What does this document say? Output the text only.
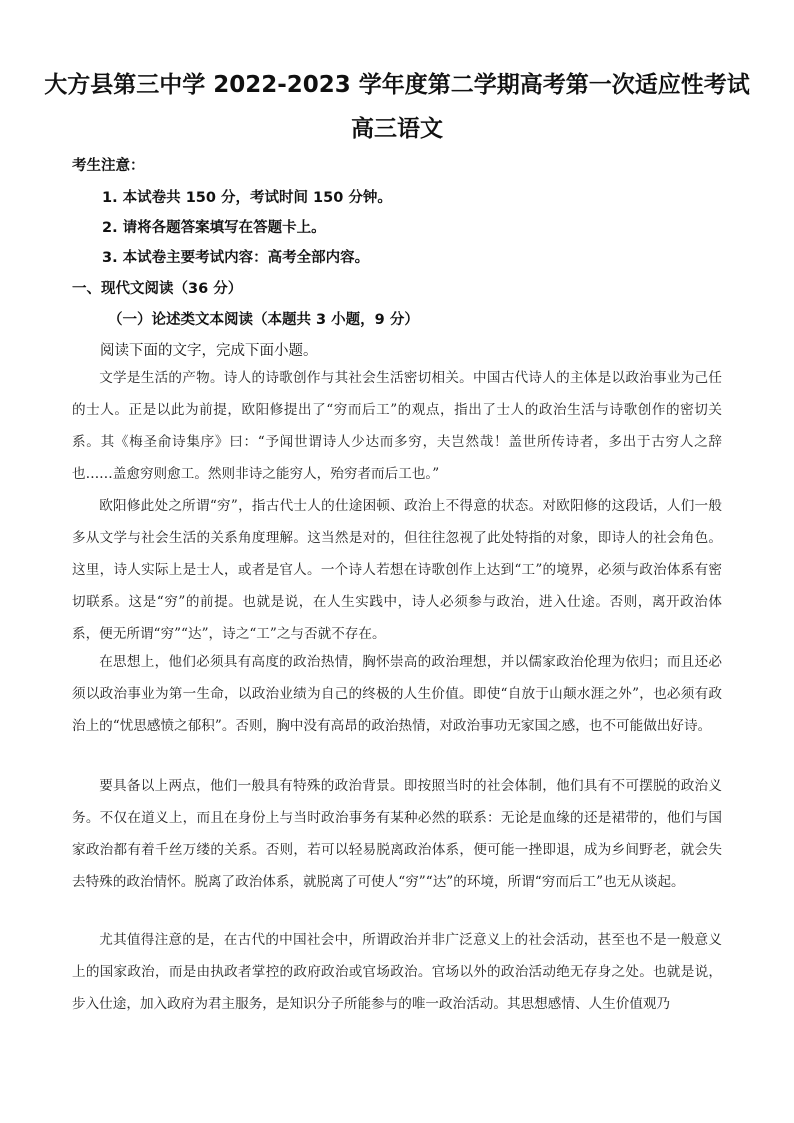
大方县第三中学 2022-2023 学年度第二学期高考第一次适应性考试
高三语文
考生注意：
1. 本试卷共 150 分，考试时间 150 分钟。
2. 请将各题答案填写在答题卡上。
3. 本试卷主要考试内容：高考全部内容。
一、现代文阅读（36 分）
（一）论述类文本阅读（本题共 3 小题，9 分）
阅读下面的文字，完成下面小题。

文学是生活的产物。诗人的诗歌创作与其社会生活密切相关。中国古代诗人的主体是以政治事业为己任的士人。正是以此为前提，欧阳修提出了“穷而后工”的观点，指出了士人的政治生活与诗歌创作的密切关系。其《梅圣俞诗集序》曰：“予闻世谓诗人少达而多穷，夫岂然哉！盖世所传诗者，多出于古穷人之辞也……盖愈穷则愈工。然则非诗之能穷人，殆穷者而后工也。”

欧阳修此处之所谓“穷”，指古代士人的仕途困顿、政治上不得意的状态。对欧阳修的这段话，人们一般多从文学与社会生活的关系角度理解。这当然是对的，但往往忽视了此处特指的对象，即诗人的社会角色。这里，诗人实际上是士人，或者是官人。一个诗人若想在诗歌创作上达到“工”的境界，必须与政治体系有密切联系。这是“穷”的前提。也就是说，在人生实践中，诗人必须参与政治，进入仕途。否则，离开政治体系，便无所谓“穷”“达”，诗之“工”之与否就不存在。

在思想上，他们必须具有高度的政治热情，胸怀崇高的政治理想，并以儒家政治伦理为依归；而且还必须以政治事业为第一生命，以政治业绩为自己的终极的人生价值。即使“自放于山颠水涯之外”，也必须有政治上的“忧思感愤之郁积”。否则，胸中没有高昂的政治热情，对政治事功无家国之感，也不可能做出好诗。

要具备以上两点，他们一般具有特殊的政治背景。即按照当时的社会体制，他们具有不可摆脱的政治义务。不仅在道义上，而且在身份上与当时政治事务有某种必然的联系：无论是血缘的还是裙带的，他们与国家政治都有着千丝万缕的关系。否则，若可以轻易脱离政治体系，便可能一挫即退，成为乡间野老，就会失去特殊的政治情怀。脱离了政治体系，就脱离了可使人“穷”“达”的环境，所谓“穷而后工”也无从谈起。

尤其值得注意的是，在古代的中国社会中，所谓政治并非广泛意义上的社会活动，甚至也不是一般意义上的国家政治，而是由执政者掌控的政府政治或官场政治。官场以外的政治活动绝无存身之处。也就是说，步入仕途，加入政府为君主服务，是知识分子所能参与的唯一政治活动。其思想感情、人生价值观乃
